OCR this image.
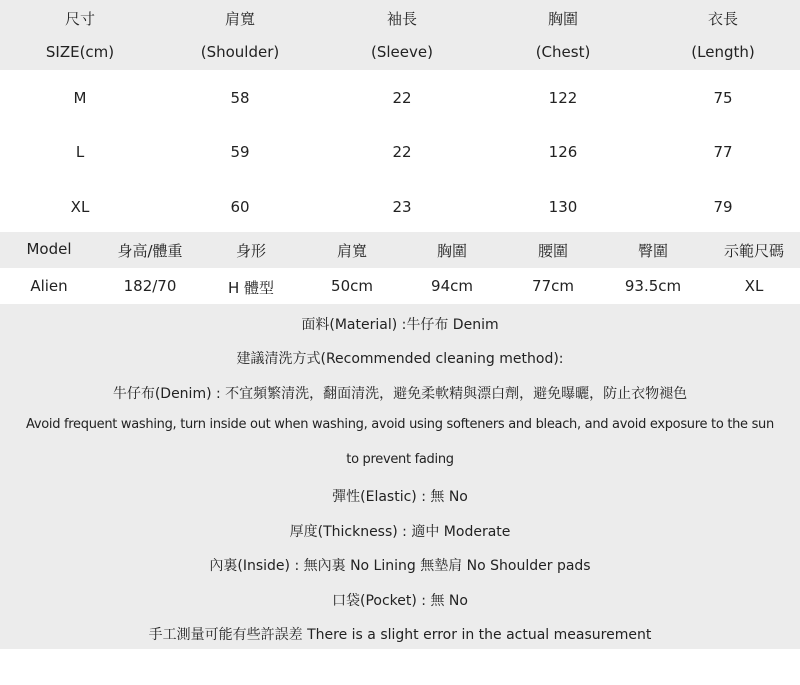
尺寸	肩寬	袖長	胸圍	衣長
SIZE(cm)	(Shoulder)	(Sleeve)	(Chest)	(Length)
M	58	22	122	75
L	59	22	126	77
XL	60	23	130	79
Model	身高/體重	身形	肩寬	胸圍	腰圍	臀圍	示範尺碼
Alien	182/70	H 體型	50cm	94cm	77cm	93.5cm	XL
面料(Material) :牛仔布 Denim
建議清洗方式(Recommended cleaning method):
牛仔布(Denim) : 不宜頻繁清洗，翻面清洗，避免柔軟精與漂白劑，避免曝曬，防止衣物褪色
Avoid frequent washing, turn inside out when washing, avoid using softeners and bleach, and avoid exposure to the sun
to prevent fading
彈性(Elastic) : 無 No
厚度(Thickness) : 適中 Moderate
內裏(Inside) : 無內裏 No Lining 無墊肩 No Shoulder pads
口袋(Pocket) : 無 No
手工測量可能有些許誤差 There is a slight error in the actual measurement
